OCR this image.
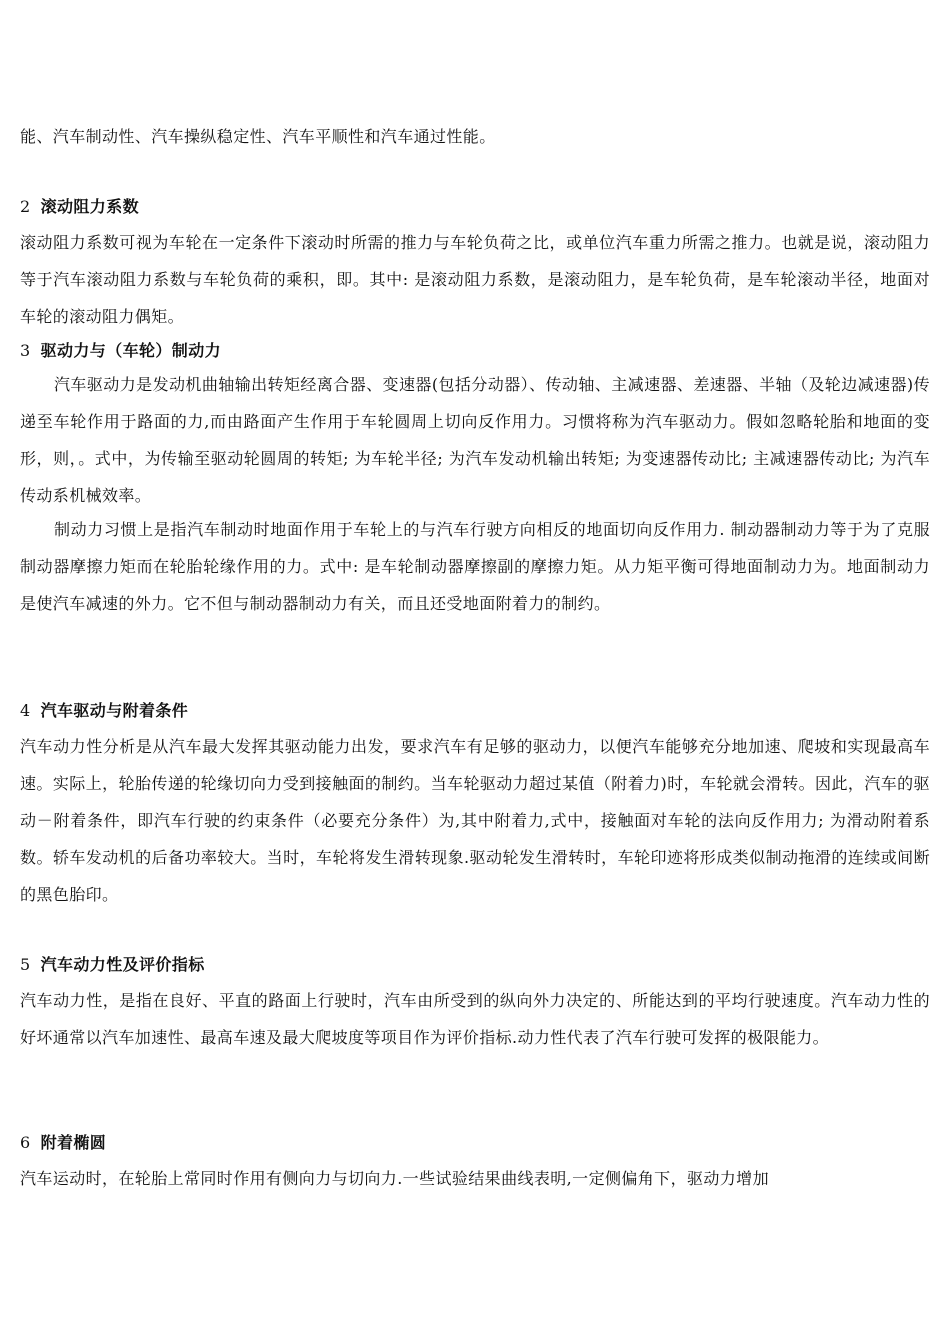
能、汽车制动性、汽车操纵稳定性、汽车平顺性和汽车通过性能。

2 滚动阻力系数

滚动阻力系数可视为车轮在一定条件下滚动时所需的推力与车轮负荷之比，或单位汽车重力所需之推力。也就是说，滚动阻力等于汽车滚动阻力系数与车轮负荷的乘积，即。其中: 是滚动阻力系数，是滚动阻力，是车轮负荷，是车轮滚动半径，地面对车轮的滚动阻力偶矩。

3 驱动力与（车轮）制动力

汽车驱动力是发动机曲轴输出转矩经离合器、变速器(包括分动器）、传动轴、主减速器、差速器、半轴（及轮边减速器)传递至车轮作用于路面的力,而由路面产生作用于车轮圆周上切向反作用力。习惯将称为汽车驱动力。假如忽略轮胎和地面的变形，则，。式中，为传输至驱动轮圆周的转矩; 为车轮半径; 为汽车发动机输出转矩; 为变速器传动比; 主减速器传动比; 为汽车传动系机械效率。

制动力习惯上是指汽车制动时地面作用于车轮上的与汽车行驶方向相反的地面切向反作用力. 制动器制动力等于为了克服制动器摩擦力矩而在轮胎轮缘作用的力。式中: 是车轮制动器摩擦副的摩擦力矩。从力矩平衡可得地面制动力为。地面制动力是使汽车减速的外力。它不但与制动器制动力有关，而且还受地面附着力的制约。

4 汽车驱动与附着条件

汽车动力性分析是从汽车最大发挥其驱动能力出发，要求汽车有足够的驱动力，以便汽车能够充分地加速、爬坡和实现最高车速。实际上，轮胎传递的轮缘切向力受到接触面的制约。当车轮驱动力超过某值（附着力)时，车轮就会滑转。因此，汽车的驱动－附着条件，即汽车行驶的约束条件（必要充分条件）为,其中附着力,式中，接触面对车轮的法向反作用力; 为滑动附着系数。轿车发动机的后备功率较大。当时，车轮将发生滑转现象.驱动轮发生滑转时，车轮印迹将形成类似制动拖滑的连续或间断的黑色胎印。

5 汽车动力性及评价指标

汽车动力性，是指在良好、平直的路面上行驶时，汽车由所受到的纵向外力决定的、所能达到的平均行驶速度。汽车动力性的好坏通常以汽车加速性、最高车速及最大爬坡度等项目作为评价指标.动力性代表了汽车行驶可发挥的极限能力。

6 附着椭圆

汽车运动时，在轮胎上常同时作用有侧向力与切向力.一些试验结果曲线表明,一定侧偏角下，驱动力增加
